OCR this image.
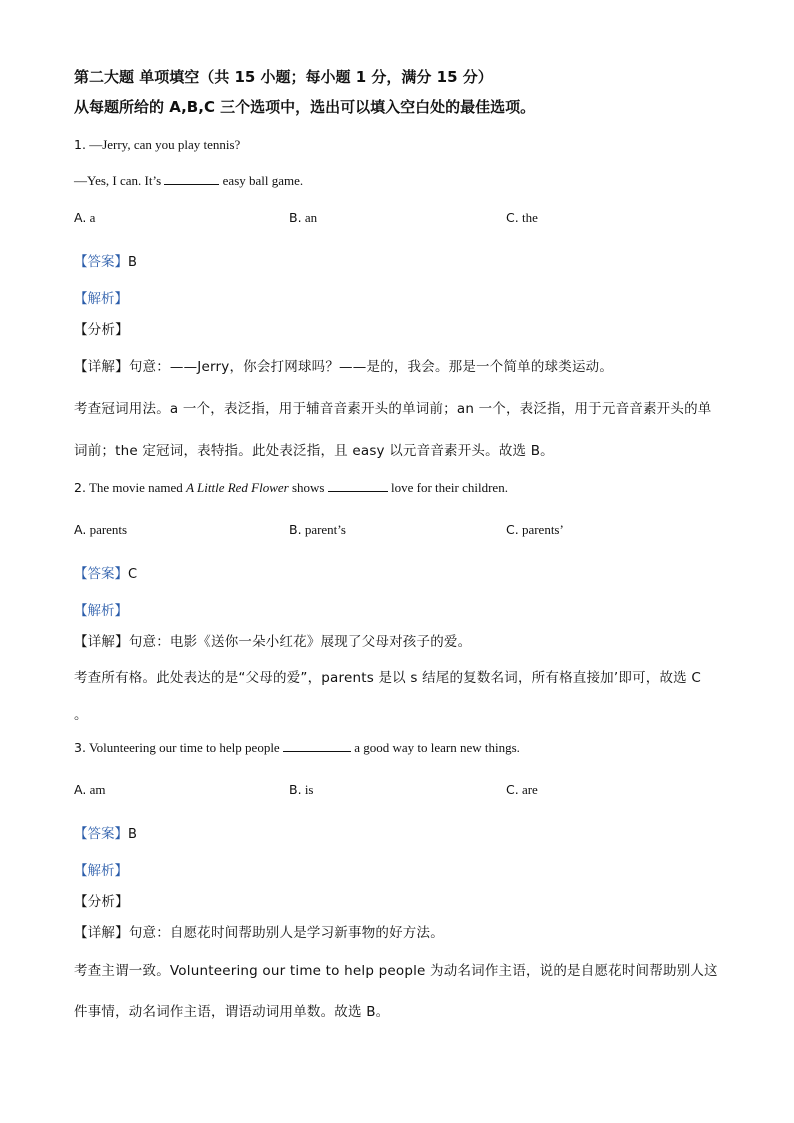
第二大题 单项填空（共 15 小题；每小题 1 分，满分 15 分）
从每题所给的 A,B,C 三个选项中，选出可以填入空白处的最佳选项。
1. —Jerry, can you play tennis?
—Yes, I can. It’s	easy ball game.
A. a	B. an	C. the
【答案】B
【解析】
【分析】
【详解】句意：——Jerry，你会打网球吗？——是的，我会。那是一个简单的球类运动。
考查冠词用法。a 一个，表泛指，用于辅音音素开头的单词前；an 一个，表泛指，用于元音音素开头的单
词前；the 定冠词，表特指。此处表泛指，且 easy 以元音音素开头。故选 B。
2. The movie named A Little Red Flower shows	love for their children.
A. parents	B. parent’s	C. parents’
【答案】C
【解析】
【详解】句意：电影《送你一朵小红花》展现了父母对孩子的爱。
考查所有格。此处表达的是“父母的爱”，parents 是以 s 结尾的复数名词，所有格直接加’即可，故选 C
。
3. Volunteering our time to help people	a good way to learn new things.
A. am	B. is	C. are
【答案】B
【解析】
【分析】
【详解】句意：自愿花时间帮助别人是学习新事物的好方法。
考查主谓一致。Volunteering our time to help people 为动名词作主语，说的是自愿花时间帮助别人这
件事情，动名词作主语，谓语动词用单数。故选 B。
